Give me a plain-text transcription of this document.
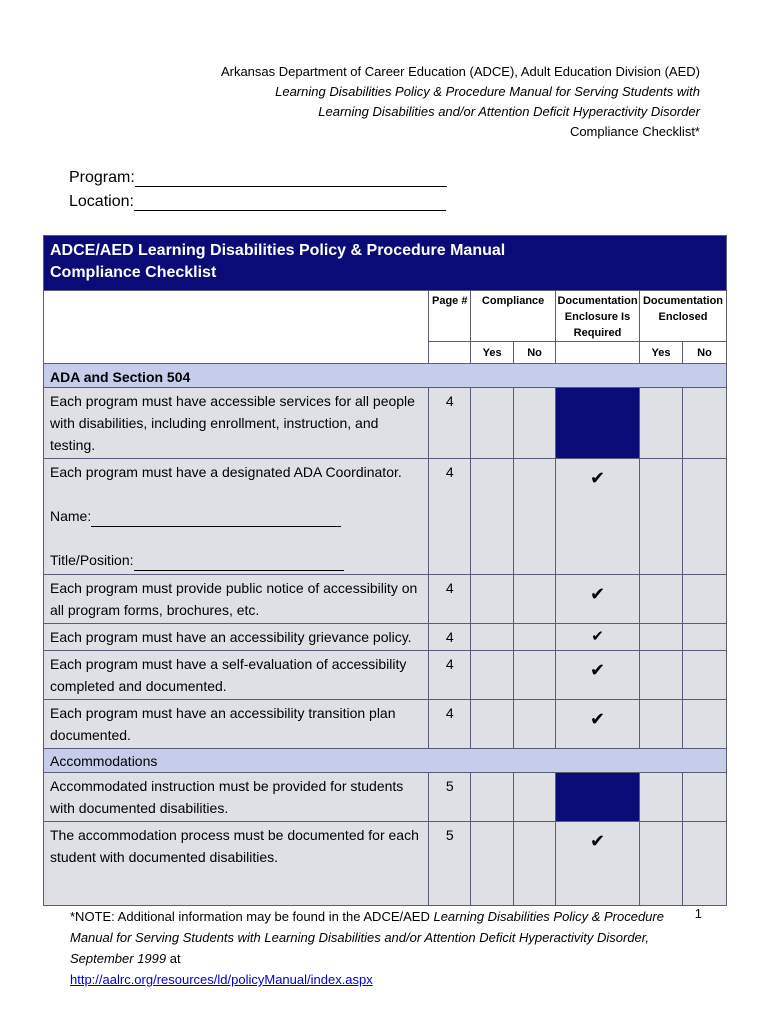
Arkansas Department of Career Education (ADCE), Adult Education Division (AED)
Learning Disabilities Policy & Procedure Manual for Serving Students with
Learning Disabilities and/or Attention Deficit Hyperactivity Disorder
Compliance Checklist*
Program:
Location:
ADCE/AED Learning Disabilities Policy & Procedure Manual
Compliance Checklist						

	Page #	Compliance		Documentation Enclosure Is Required	Documentation Enclosed	
		Yes	No		Yes	No
ADA and Section 504						
Each program must have accessible services for all people with disabilities, including enrollment, instruction, and testing.	4					

Each program must have a designated ADA Coordinator.
Name:
Title/Position:	4			✔		
Each program must provide public notice of accessibility on all program forms, brochures, etc.	4			✔		
Each program must have an accessibility grievance policy.	4			✔		
Each program must have a self-evaluation of accessibility completed and documented.	4			✔		
Each program must have an accessibility transition plan documented.	4			✔		
Accommodations						
Accommodated instruction must be provided for students with documented disabilities.	5					
The accommodation process must be documented for each student with documented disabilities.	5			✔		
*NOTE: Additional information may be found in the ADCE/AED Learning Disabilities Policy & Procedure Manual for Serving Students with Learning Disabilities and/or Attention Deficit Hyperactivity Disorder, September 1999 at
http://aalrc.org/resources/ld/policyManual/index.aspx
1
